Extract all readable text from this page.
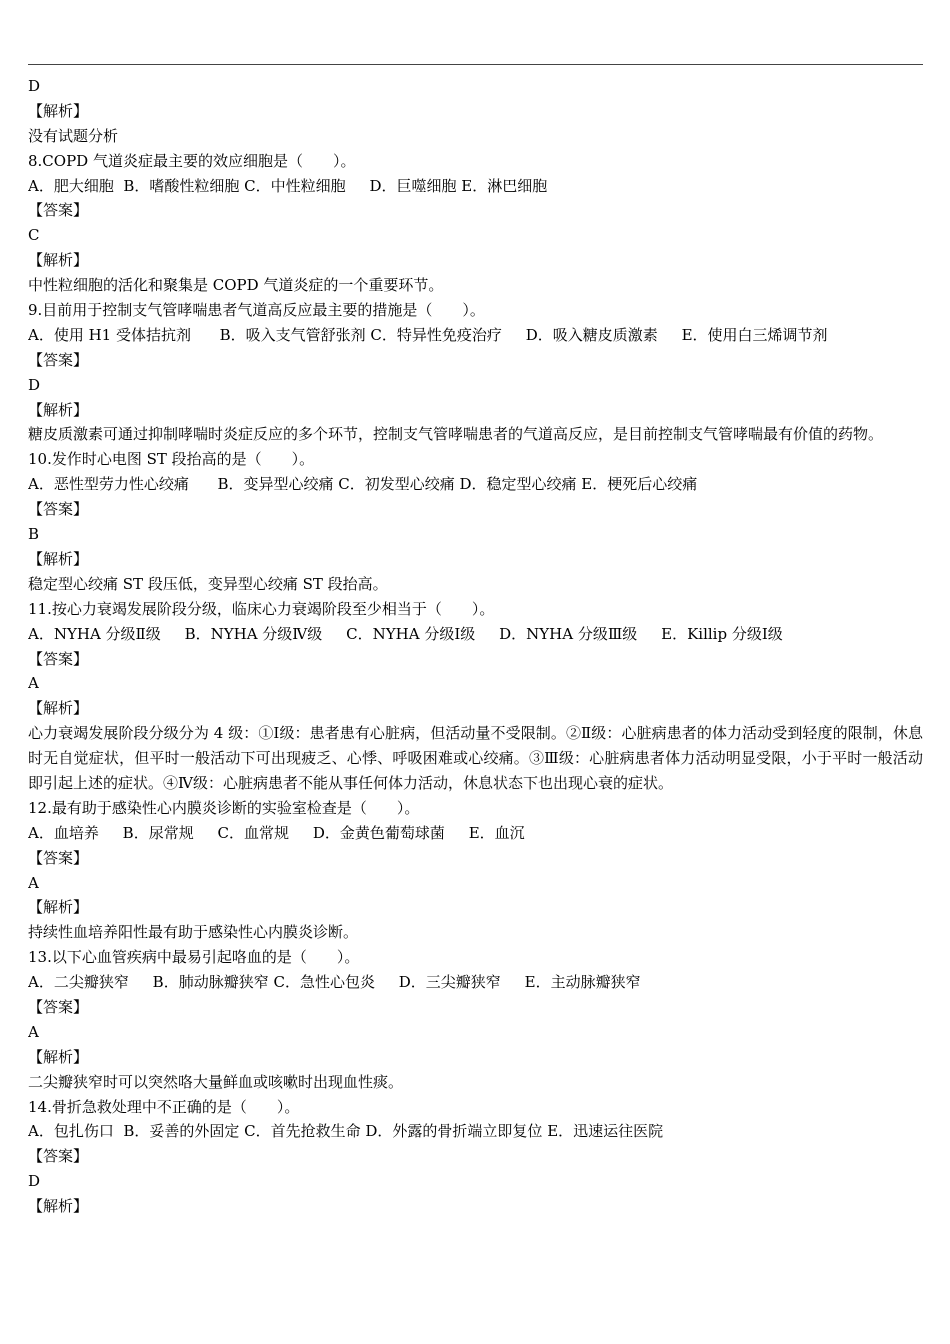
D
【解析】
没有试题分析
8.COPD 气道炎症最主要的效应细胞是（　　）。
A．肥大细胞  B．嗜酸性粒细胞 C．中性粒细胞     D．巨噬细胞 E．淋巴细胞
【答案】
C
【解析】
中性粒细胞的活化和聚集是 COPD 气道炎症的一个重要环节。
9.目前用于控制支气管哮喘患者气道高反应最主要的措施是（　　）。
A．使用 H1 受体拮抗剂      B．吸入支气管舒张剂 C．特异性免疫治疗     D．吸入糖皮质激素     E．使用白三烯调节剂
【答案】
D
【解析】
糖皮质激素可通过抑制哮喘时炎症反应的多个环节，控制支气管哮喘患者的气道高反应，是目前控制支气管哮喘最有价值的药物。
10.发作时心电图 ST 段抬高的是（　　）。
A．恶性型劳力性心绞痛      B．变异型心绞痛 C．初发型心绞痛 D．稳定型心绞痛 E．梗死后心绞痛
【答案】
B
【解析】
稳定型心绞痛 ST 段压低，变异型心绞痛 ST 段抬高。
11.按心力衰竭发展阶段分级，临床心力衰竭阶段至少相当于（　　）。
A．NYHA 分级Ⅱ级     B．NYHA 分级Ⅳ级     C．NYHA 分级Ⅰ级     D．NYHA 分级Ⅲ级     E．Killip 分级Ⅰ级
【答案】
A
【解析】
心力衰竭发展阶段分级分为 4 级：①Ⅰ级：患者患有心脏病，但活动量不受限制。②Ⅱ级：心脏病患者的体力活动受到轻度的限制，休息时无自觉症状，但平时一般活动下可出现疲乏、心悸、呼吸困难或心绞痛。③Ⅲ级：心脏病患者体力活动明显受限，小于平时一般活动即引起上述的症状。④Ⅳ级：心脏病患者不能从事任何体力活动，休息状态下也出现心衰的症状。
12.最有助于感染性心内膜炎诊断的实验室检查是（　　）。
A．血培养     B．尿常规     C．血常规     D．金黄色葡萄球菌     E．血沉
【答案】
A
【解析】
持续性血培养阳性最有助于感染性心内膜炎诊断。
13.以下心血管疾病中最易引起咯血的是（　　）。
A．二尖瓣狭窄     B．肺动脉瓣狭窄 C．急性心包炎     D．三尖瓣狭窄     E．主动脉瓣狭窄
【答案】
A
【解析】
二尖瓣狭窄时可以突然咯大量鲜血或咳嗽时出现血性痰。
14.骨折急救处理中不正确的是（　　）。
A．包扎伤口  B．妥善的外固定 C．首先抢救生命 D．外露的骨折端立即复位 E．迅速运往医院
【答案】
D
【解析】
